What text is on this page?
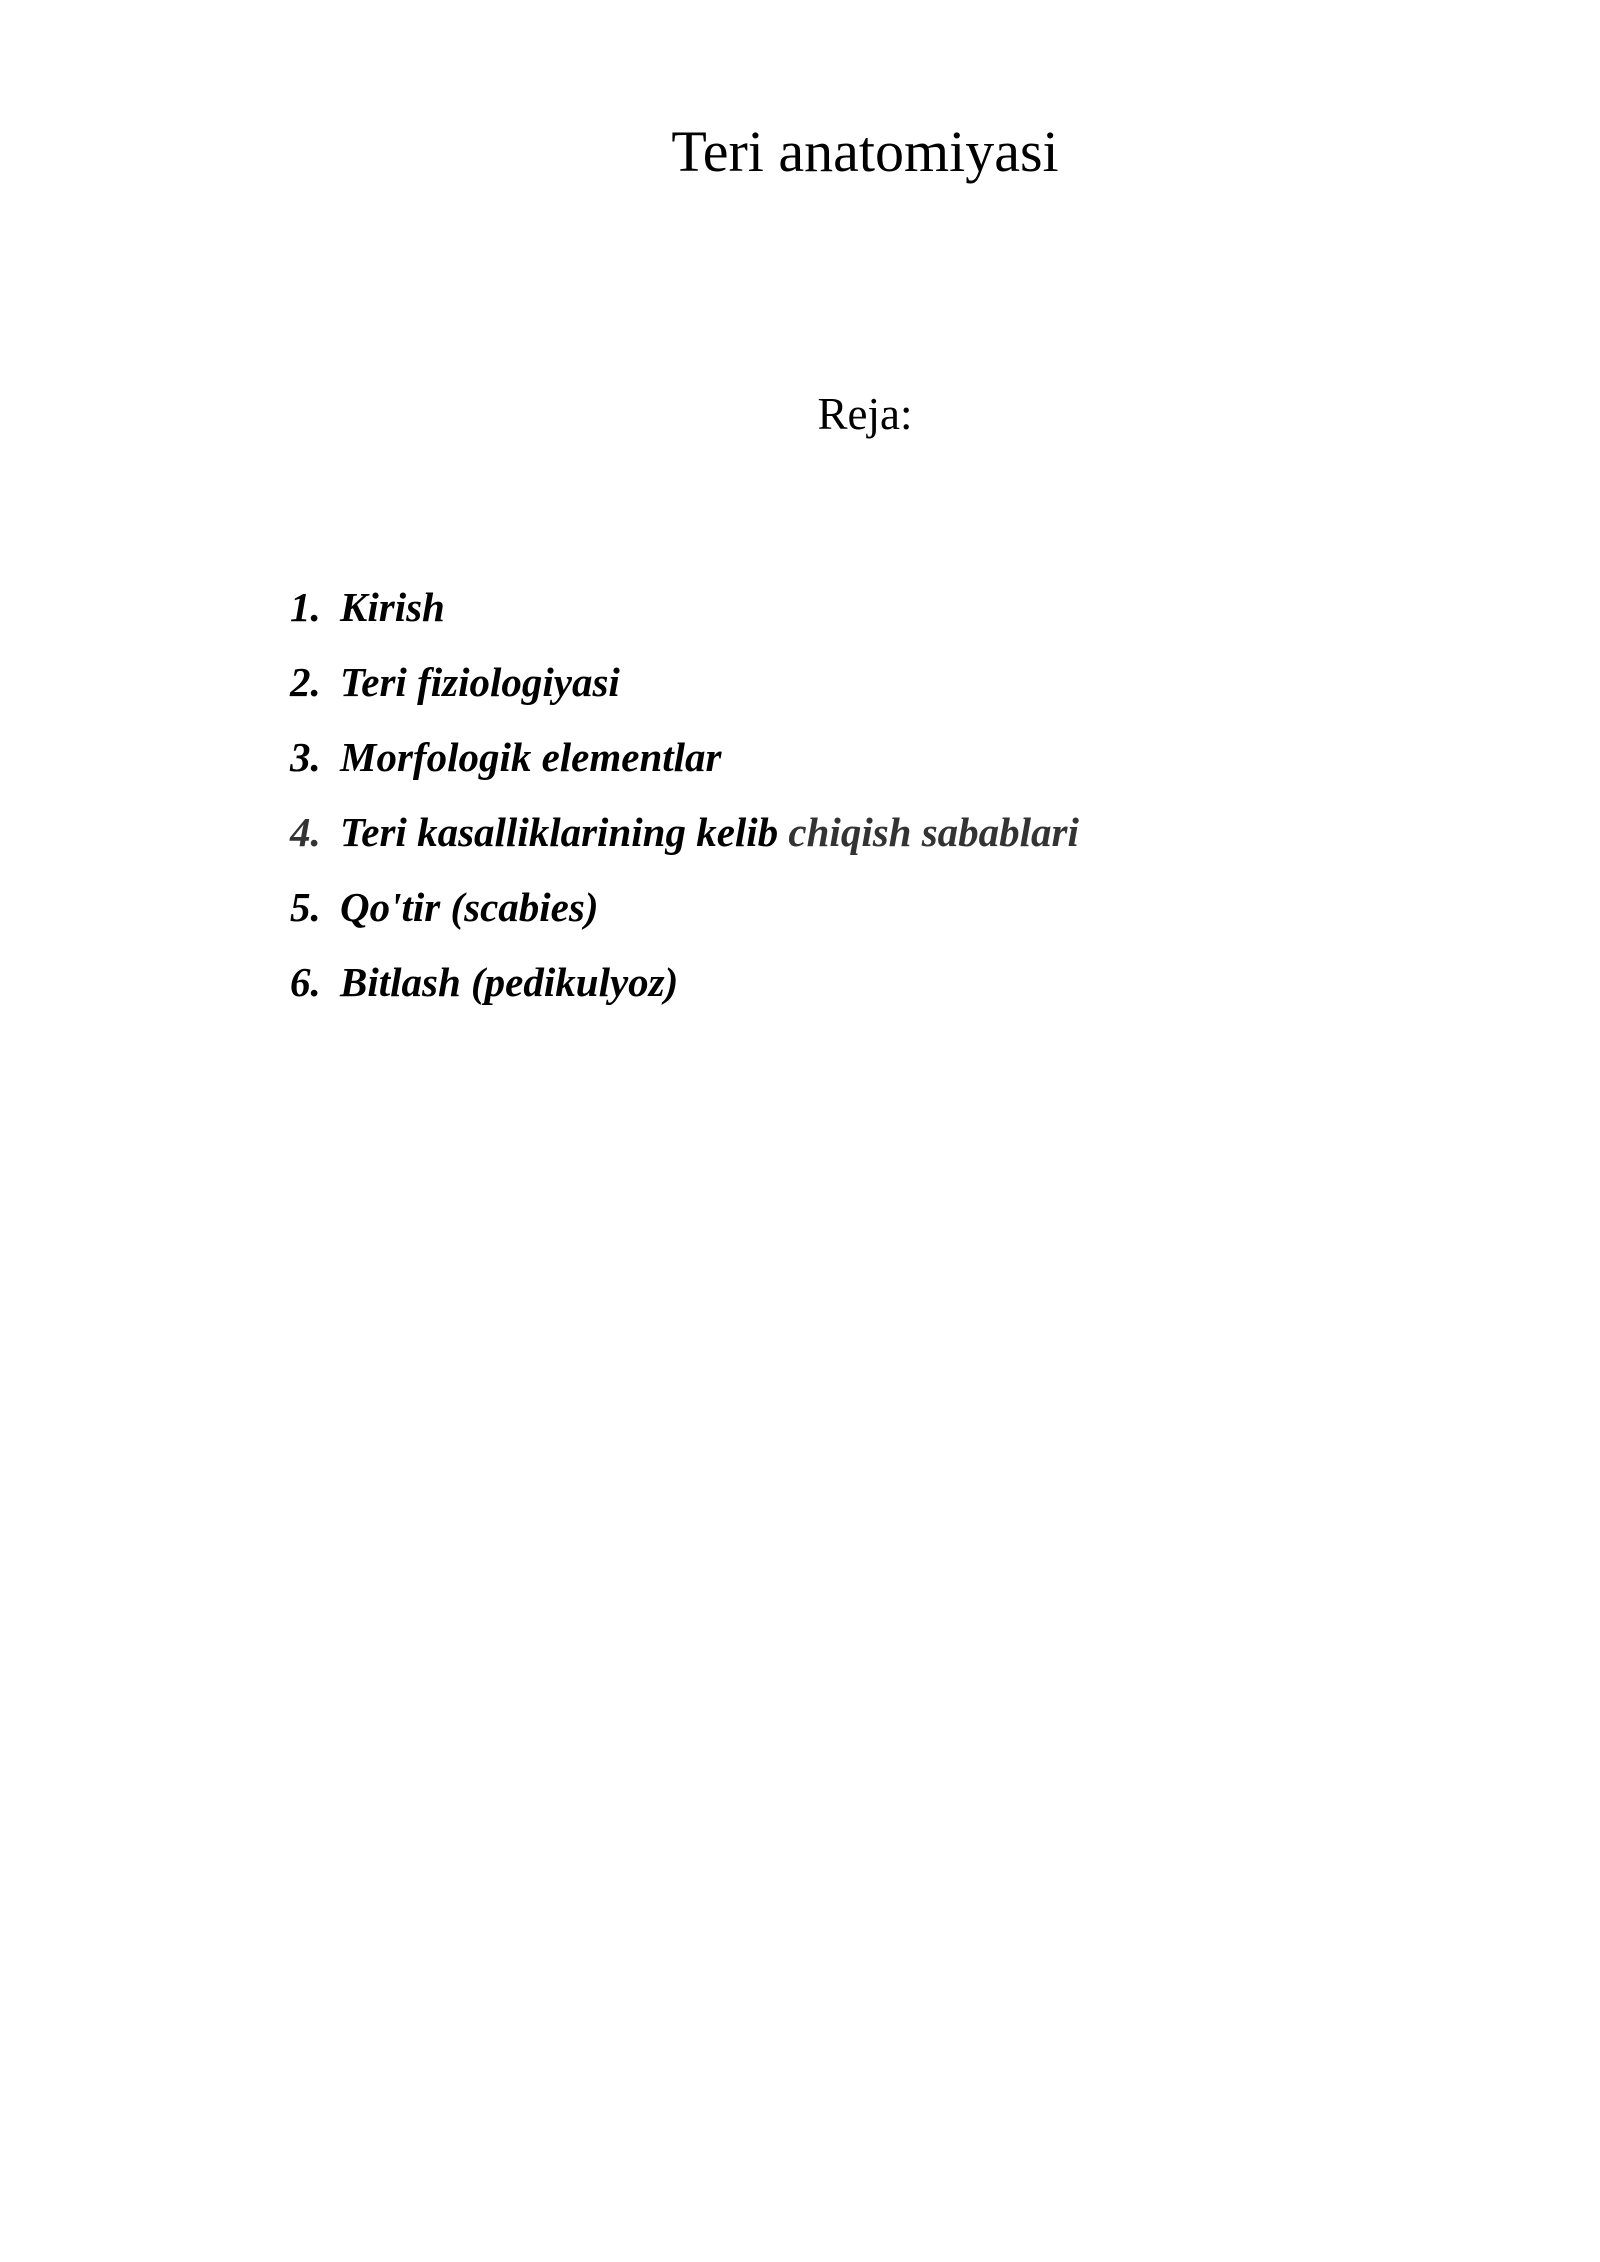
Teri anatomiyasi
Reja:
1. Kirish
2. Teri fiziologiyasi
3. Morfologik elementlar
4. Teri kasalliklarining kelib chiqish sabablari
5. Qo'tir (scabies)
6. Bitlash (pedikulyoz)
